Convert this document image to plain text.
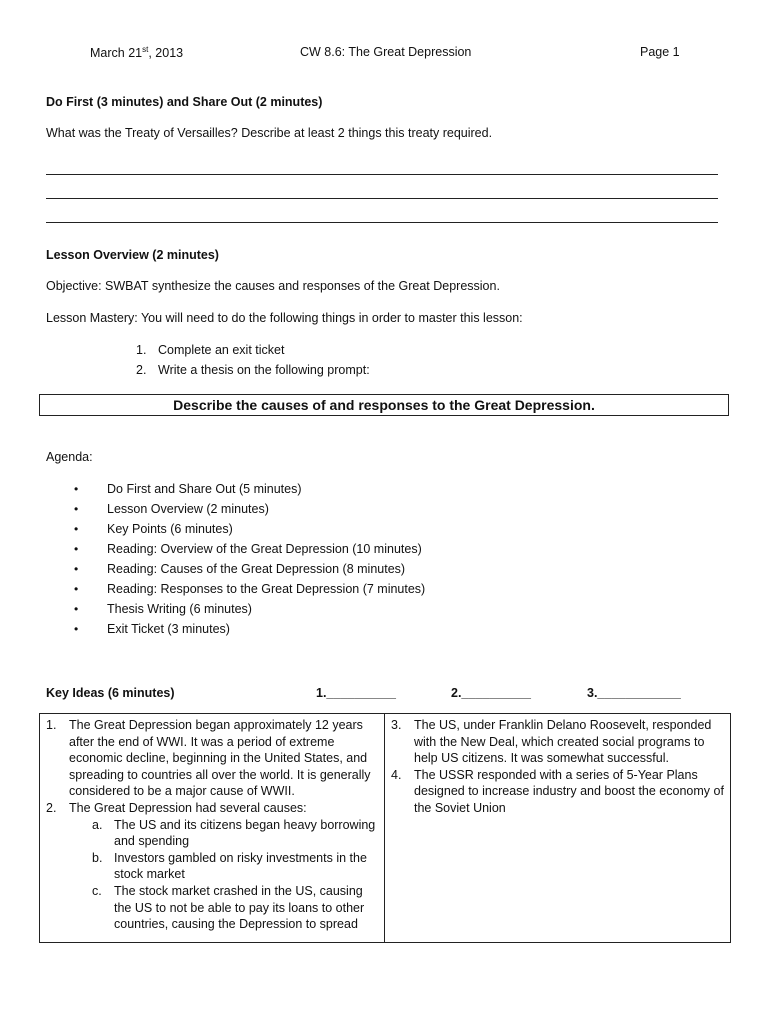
March 21st, 2013	CW 8.6: The Great Depression	Page 1
Do First (3 minutes) and Share Out (2 minutes)
What was the Treaty of Versailles? Describe at least 2 things this treaty required.
Lesson Overview (2 minutes)
Objective: SWBAT synthesize the causes and responses of the Great Depression.
Lesson Mastery: You will need to do the following things in order to master this lesson:
1. Complete an exit ticket
2. Write a thesis on the following prompt:
Describe the causes of and responses to the Great Depression.
Agenda:
• Do First and Share Out (5 minutes)
• Lesson Overview (2 minutes)
• Key Points (6 minutes)
• Reading: Overview of the Great Depression (10 minutes)
• Reading: Causes of the Great Depression (8 minutes)
• Reading: Responses to the Great Depression (7 minutes)
• Thesis Writing (6 minutes)
• Exit Ticket (3 minutes)
Key Ideas (6 minutes)	1.__________	2.__________	3.____________
1. The Great Depression began approximately 12 years after the end of WWI. It was a period of extreme economic decline, beginning in the United States, and spreading to countries all over the world. It is generally considered to be a major cause of WWII.
2. The Great Depression had several causes:
a. The US and its citizens began heavy borrowing and spending
b. Investors gambled on risky investments in the stock market
c. The stock market crashed in the US, causing the US to not be able to pay its loans to other countries, causing the Depression to spread
3. The US, under Franklin Delano Roosevelt, responded with the New Deal, which created social programs to help US citizens. It was somewhat successful.
4. The USSR responded with a series of 5-Year Plans designed to increase industry and boost the economy of the Soviet Union
